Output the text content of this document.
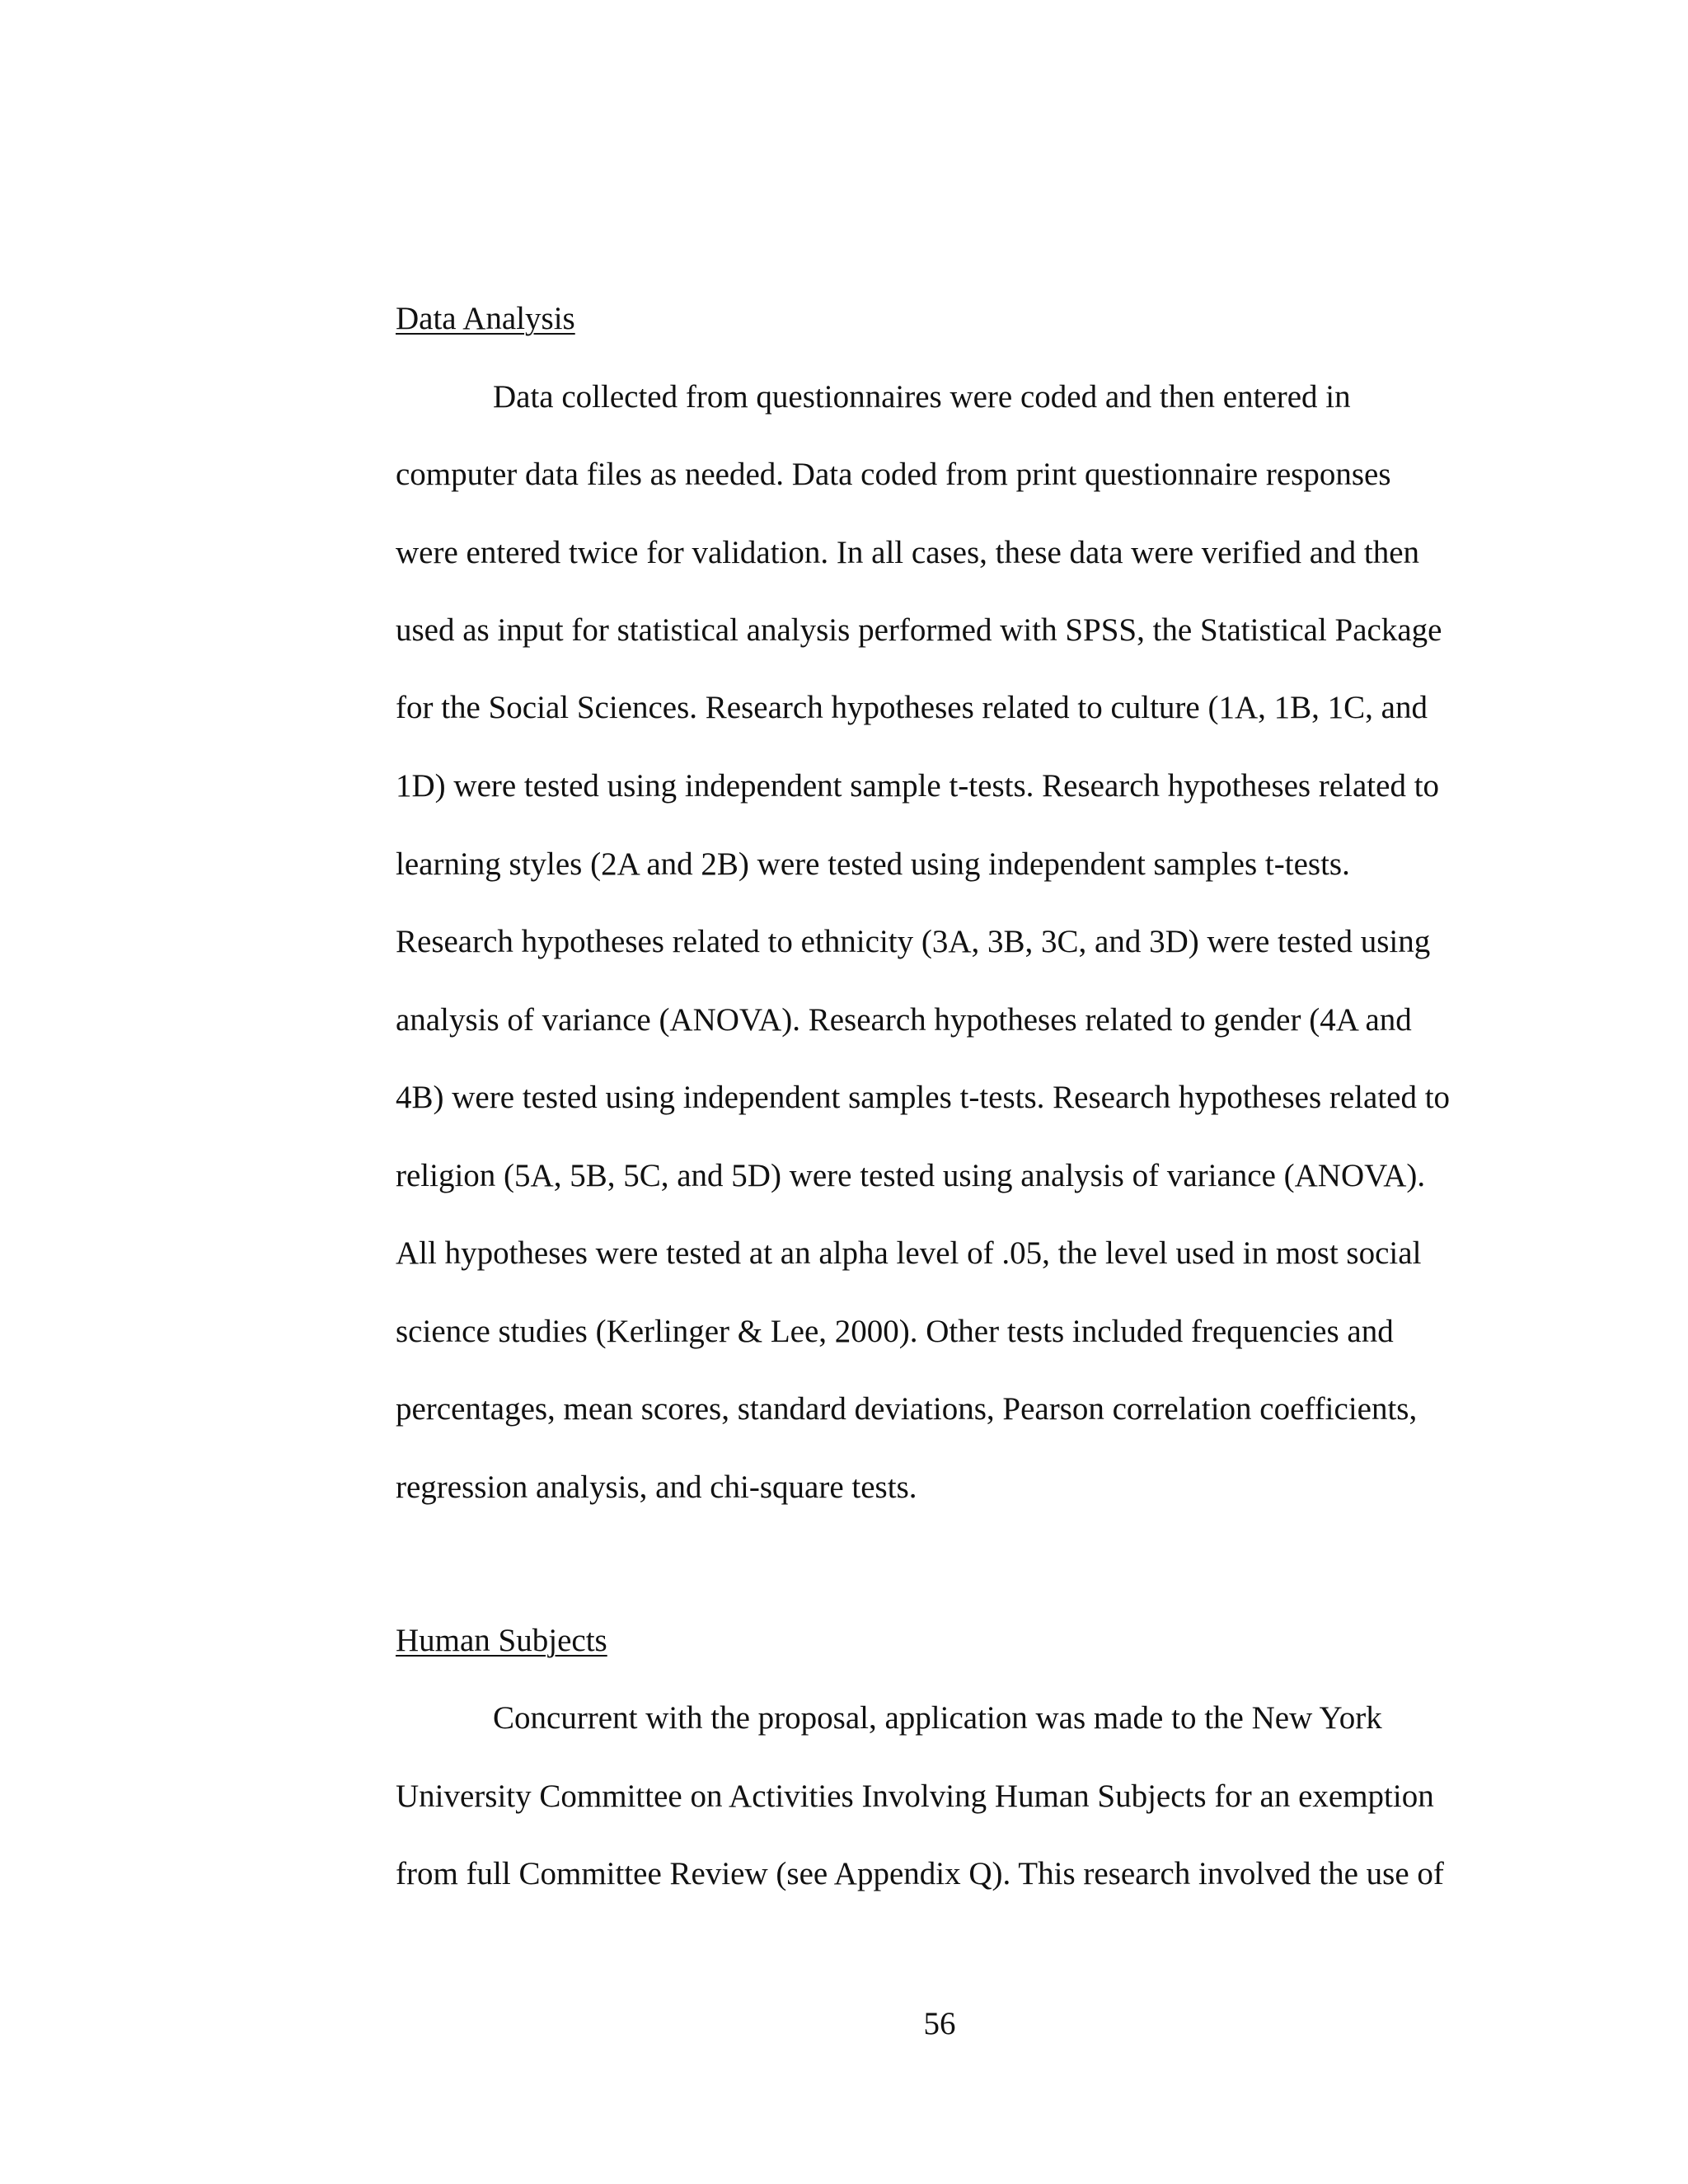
Data Analysis
Data collected from questionnaires were coded and then entered in
computer data files as needed. Data coded from print questionnaire responses
were entered twice for validation. In all cases, these data were verified and then
used as input for statistical analysis performed with SPSS, the Statistical Package
for the Social Sciences. Research hypotheses related to culture (1A, 1B, 1C, and
1D) were tested using independent sample t-tests. Research hypotheses related to
learning styles (2A and 2B) were tested using independent samples t-tests.
Research hypotheses related to ethnicity (3A, 3B, 3C, and 3D) were tested using
analysis of variance (ANOVA). Research hypotheses related to gender (4A and
4B) were tested using independent samples t-tests. Research hypotheses related to
religion (5A, 5B, 5C, and 5D) were tested using analysis of variance (ANOVA).
All hypotheses were tested at an alpha level of .05, the level used in most social
science studies (Kerlinger & Lee, 2000). Other tests included frequencies and
percentages, mean scores, standard deviations, Pearson correlation coefficients,
regression analysis, and chi-square tests.
Human Subjects
Concurrent with the proposal, application was made to the New York
University Committee on Activities Involving Human Subjects for an exemption
from full Committee Review (see Appendix Q). This research involved the use of
56
